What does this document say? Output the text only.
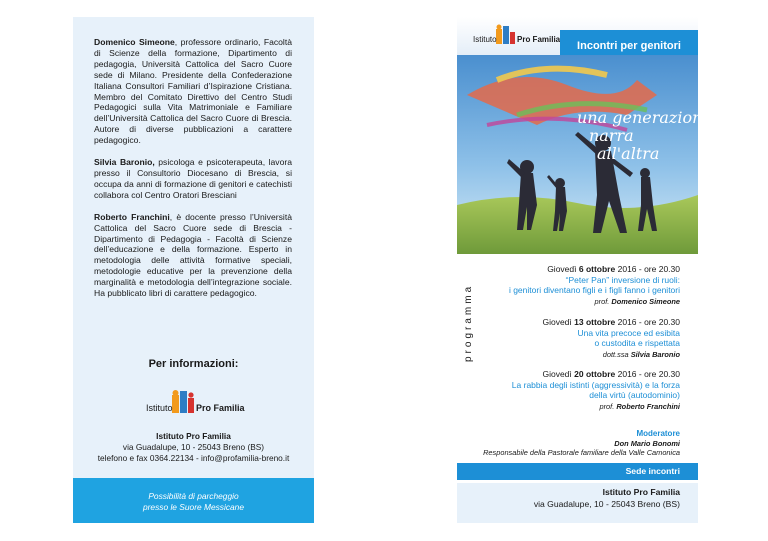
Domenico Simeone, professore ordinario, Facoltà di Scienze della formazione, Dipartimento di pedagogia, Università Cattolica del Sacro Cuore sede di Milano. Presidente della Confederazione Italiana Consultori Familiari d’Ispirazione Cristiana. Membro del Comitato Direttivo del Centro Studi Pedagogici sulla Vita Matrimoniale e Familiare dell’Università Cattolica del Sacro Cuore di Brescia. Autore di diverse pubblicazioni a carattere pedagogico.

Silvia Baronio, psicologa e psicoterapeuta, lavora presso il Consultorio Diocesano di Brescia, si occupa da anni di formazione di genitori e catechisti collabora col Centro Oratori Bresciani

Roberto Franchini, è docente presso l’Università Cattolica del Sacro Cuore sede di Brescia - Dipartimento di Pedagogia - Facoltà di Scienze dell’educazione e della formazione. Esperto in metodologia delle attività formative speciali, metodologie educative per la prevenzione della marginalità e metodologia dell’integrazione sociale. Ha pubblicato libri di carattere pedagogico.

Per informazioni:
Istituto	Pro Familia
Istituto Pro Familia
via Guadalupe, 10 - 25043 Breno (BS)
telefono e fax 0364.22134 - info@profamilia-breno.it
Possibilità di parcheggio
presso le Suore Messicane
Istituto	Pro Familia
Incontri per genitori
una generazione
narra
all'altra
programma
Giovedì 6 ottobre 2016 - ore 20.30
“Peter Pan” inversione di ruoli:
i genitori diventano figli e i figli fanno i genitori
prof. Domenico Simeone
Giovedì 13 ottobre 2016 - ore 20.30
Una vita precoce ed esibita
o custodita e rispettata
dott.ssa Silvia Baronio
Giovedì 20 ottobre 2016 - ore 20.30
La rabbia degli istinti (aggressività) e la forza
della virtù (autodominio)
prof. Roberto Franchini
Moderatore
Don Mario Bonomi
Responsabile della Pastorale familiare della Valle Camonica
Sede incontri
Istituto Pro Familia
via Guadalupe, 10 - 25043 Breno (BS)
